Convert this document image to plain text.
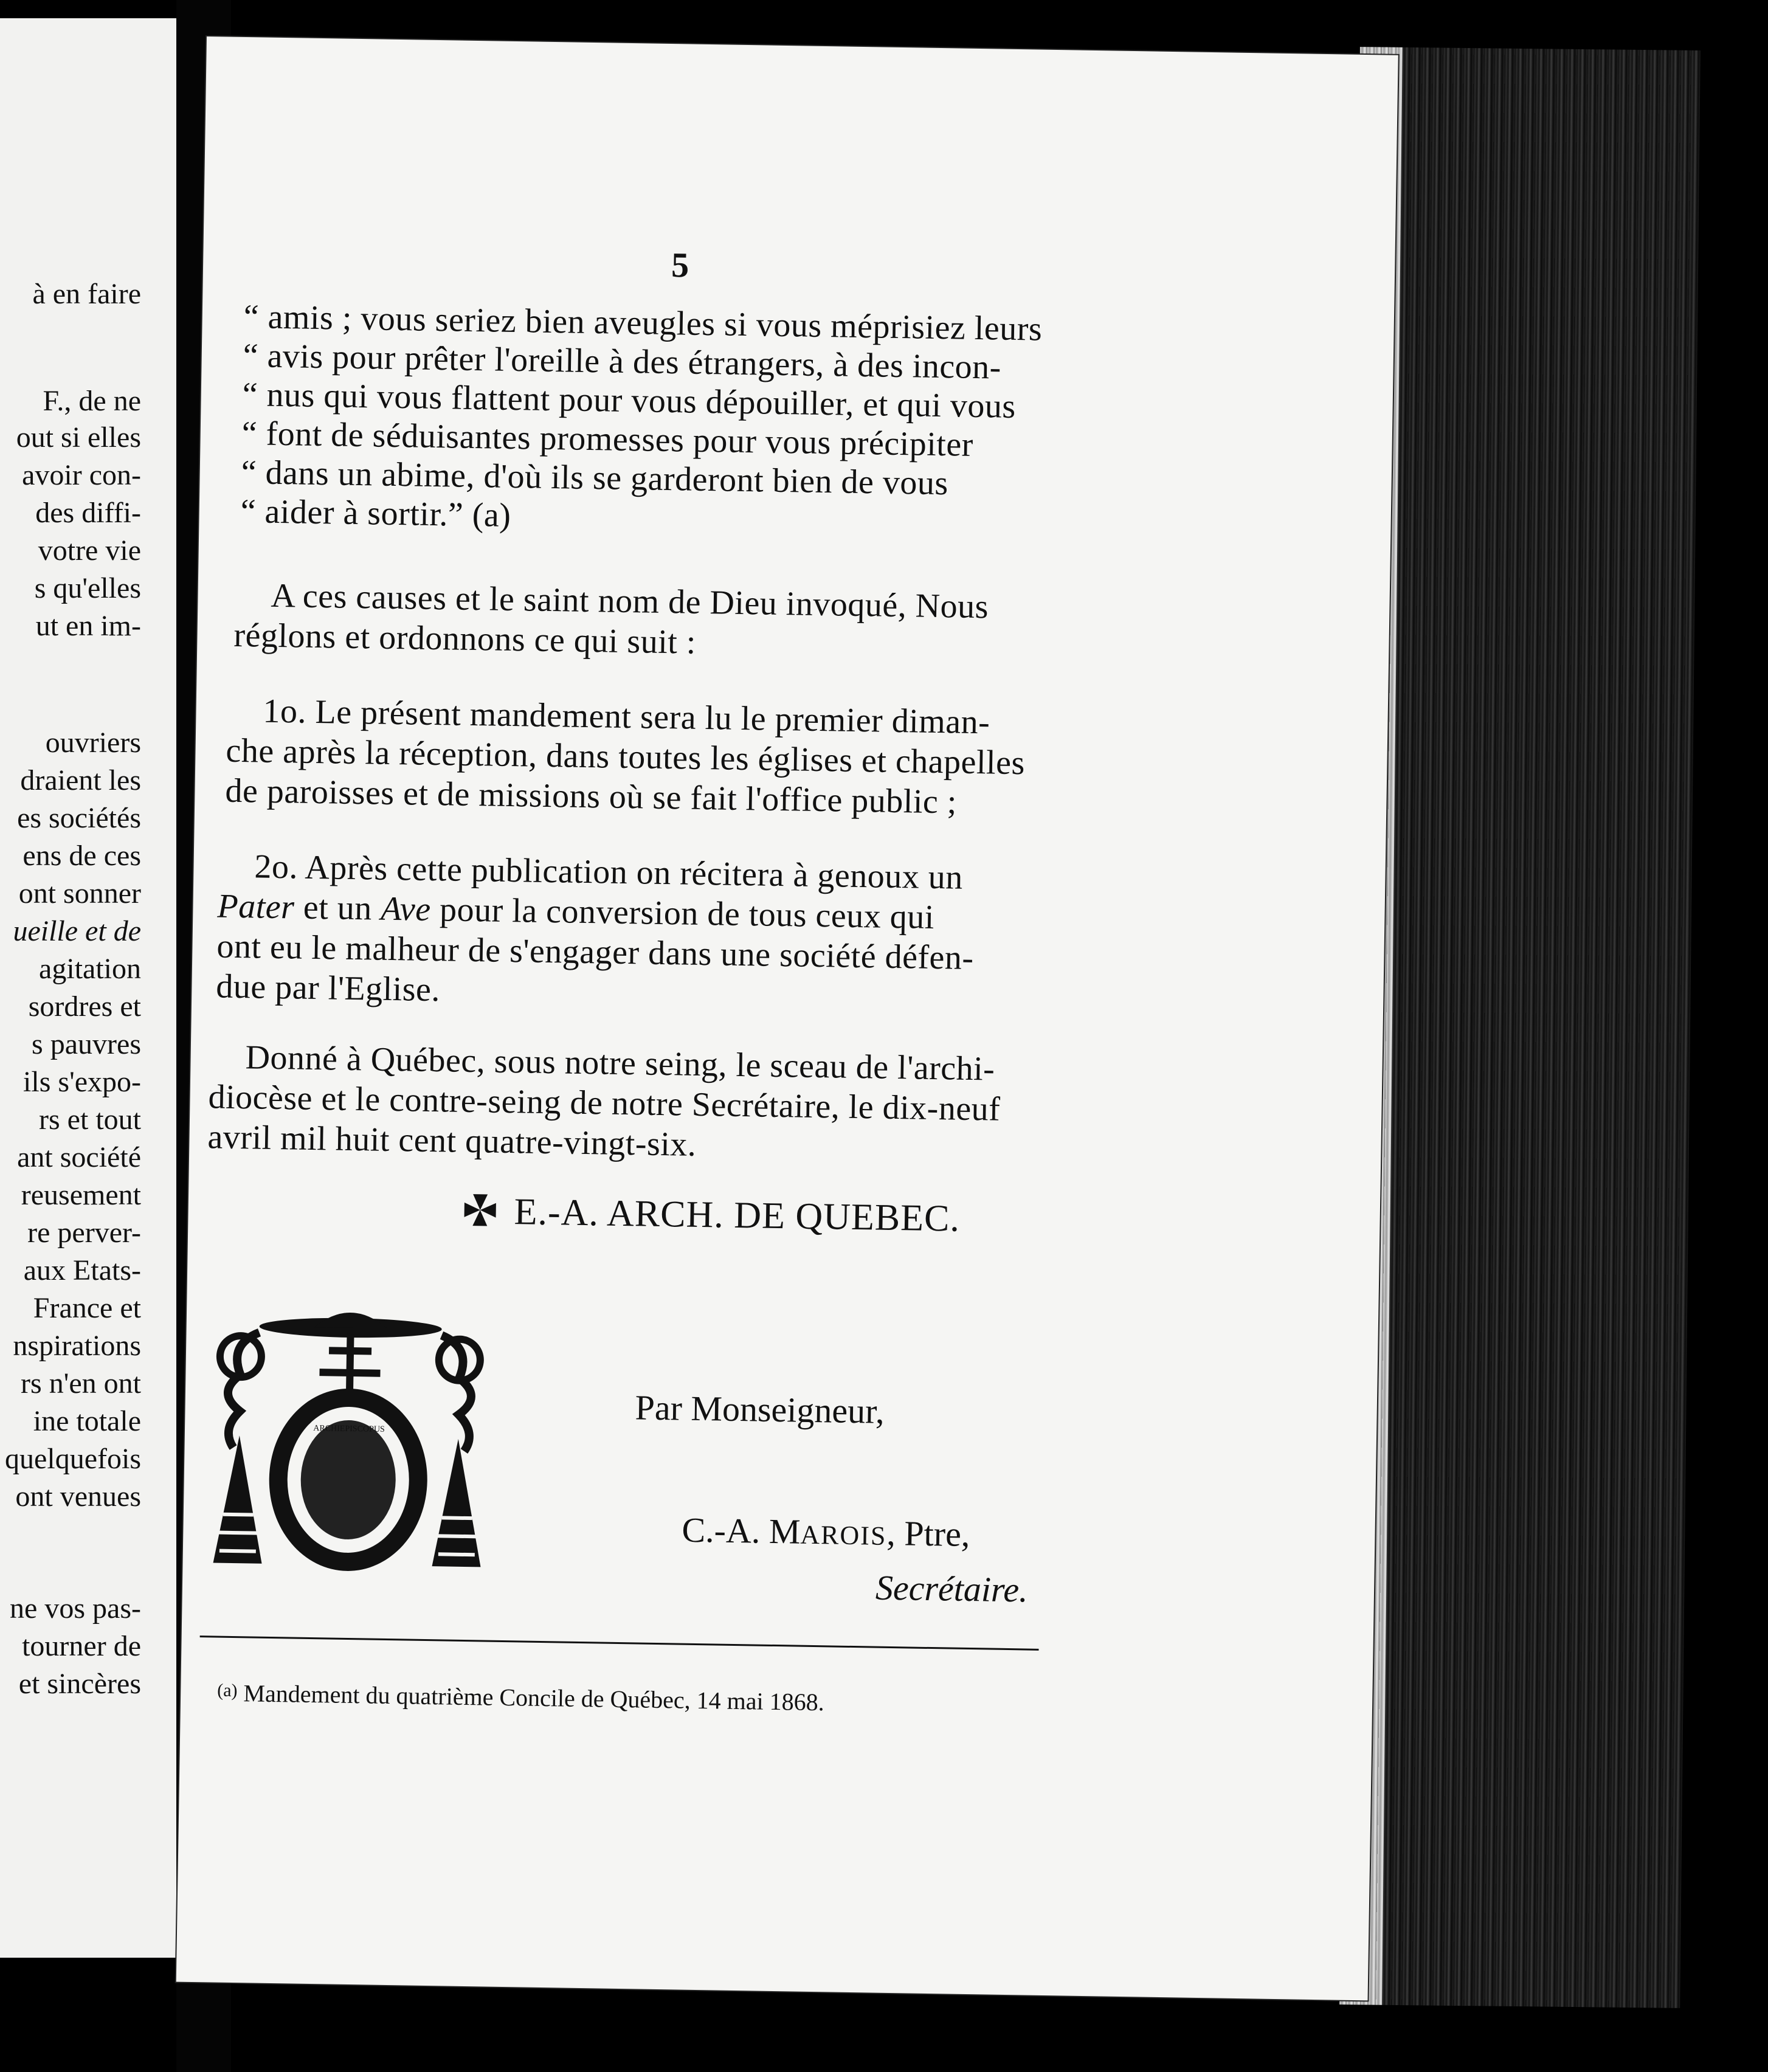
à en faire
F., de ne
out si elles
avoir con-
des diffi-
votre vie
s qu'elles
ut en im-
ouvriers
draient les
es sociétés
ens de ces
ont sonner
ueille et de
agitation
sordres et
s pauvres
ils s'expo-
rs et tout
ant société
reusement
re perver-
aux Etats-
France et
nspirations
rs n'en ont
ine totale
quelquefois
ont venues
ne vos pas-
tourner de
et sincères
5
“ amis ; vous seriez bien aveugles si vous méprisiez leurs
“ avis pour prêter l'oreille à des étrangers, à des incon-
“ nus qui vous flattent pour vous dépouiller, et qui vous
“ font de séduisantes promesses pour vous précipiter
“ dans un abime, d'où ils se garderont bien de vous
“ aider à sortir.” (a)
A ces causes et le saint nom de Dieu invoqué, Nous
réglons et ordonnons ce qui suit :
1o. Le présent mandement sera lu le premier diman-
che après la réception, dans toutes les églises et chapelles
de paroisses et de missions où se fait l'office public ;
2o. Après cette publication on récitera à genoux un
Pater et un Ave pour la conversion de tous ceux qui
ont eu le malheur de s'engager dans une société défen-
due par l'Eglise.
Donné à Québec, sous notre seing, le sceau de l'archi-
diocèse et le contre-seing de notre Secrétaire, le dix-neuf
avril mil huit cent quatre-vingt-six.
E.-A. ARCH. DE QUEBEC.
ARCHIEPISCOPUS	Par Monseigneur,
C.-A. MAROIS, Ptre,
Secrétaire.
$^{(a)}$ Mandement du quatrième Concile de Québec, 14 mai 1868.
